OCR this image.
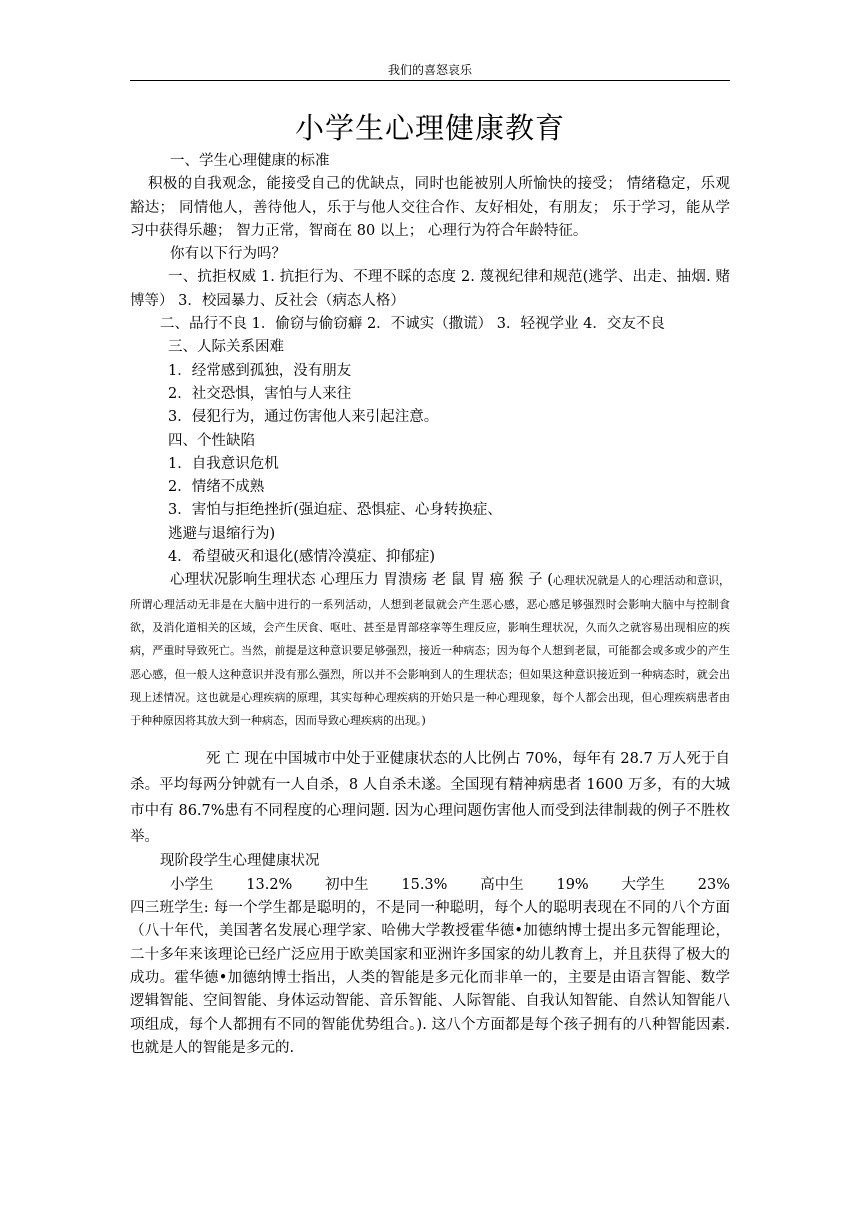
我们的喜怒哀乐
小学生心理健康教育

一、学生心理健康的标准

积极的自我观念，能接受自己的优缺点，同时也能被别人所愉快的接受； 情绪稳定，乐观豁达； 同情他人，善待他人，乐于与他人交往合作、友好相处，有朋友； 乐于学习，能从学习中获得乐趣； 智力正常，智商在 80 以上； 心理行为符合年龄特征。

你有以下行为吗？

一、抗拒权威 1. 抗拒行为、不理不睬的态度 2. 蔑视纪律和规范(逃学、出走、抽烟. 赌博等） 3．校园暴力、反社会（病态人格）

二、品行不良 1．偷窃与偷窃癖 2．不诚实（撒谎） 3．轻视学业 4．交友不良

三、人际关系困难

1．经常感到孤独，没有朋友

2．社交恐惧，害怕与人来往

3．侵犯行为，通过伤害他人来引起注意。

四、个性缺陷

1．自我意识危机

2．情绪不成熟

3．害怕与拒绝挫折(强迫症、恐惧症、心身转换症、

逃避与退缩行为)

4．希望破灭和退化(感情冷漠症、抑郁症)

心理状况影响生理状态 心理压力 胃溃疡 老 鼠 胃 癌 猴 子 (心理状况就是人的心理活动和意识，所谓心理活动无非是在大脑中进行的一系列活动，人想到老鼠就会产生恶心感，恶心感足够强烈时会影响大脑中与控制食欲，及消化道相关的区域，会产生厌食、呕吐、甚至是胃部痉挛等生理反应，影响生理状况，久而久之就容易出现相应的疾病，严重时导致死亡。当然，前提是这种意识要足够强烈，接近一种病态；因为每个人想到老鼠，可能都会或多或少的产生恶心感，但一般人这种意识并没有那么强烈，所以并不会影响到人的生理状态；但如果这种意识接近到一种病态时，就会出现上述情况。这也就是心理疾病的原理，其实每种心理疾病的开始只是一种心理现象，每个人都会出现，但心理疾病患者由于种种原因将其放大到一种病态，因而导致心理疾病的出现。)

死 亡 现在中国城市中处于亚健康状态的人比例占 70%，每年有 28.7 万人死于自杀。平均每两分钟就有一人自杀，8 人自杀未遂。全国现有精神病患者 1600 万多，有的大城市中有 86.7%患有不同程度的心理问题. 因为心理问题伤害他人而受到法律制裁的例子不胜枚举。

现阶段学生心理健康状况

小学生 13.2% 初中生 15.3% 高中生 19% 大学生 23%

四三班学生: 每一个学生都是聪明的，不是同一种聪明，每个人的聪明表现在不同的八个方面（八十年代，美国著名发展心理学家、哈佛大学教授霍华德•加德纳博士提出多元智能理论，二十多年来该理论已经广泛应用于欧美国家和亚洲许多国家的幼儿教育上，并且获得了极大的成功。霍华德•加德纳博士指出，人类的智能是多元化而非单一的，主要是由语言智能、数学逻辑智能、空间智能、身体运动智能、音乐智能、人际智能、自我认知智能、自然认知智能八项组成，每个人都拥有不同的智能优势组合。). 这八个方面都是每个孩子拥有的八种智能因素. 也就是人的智能是多元的.
